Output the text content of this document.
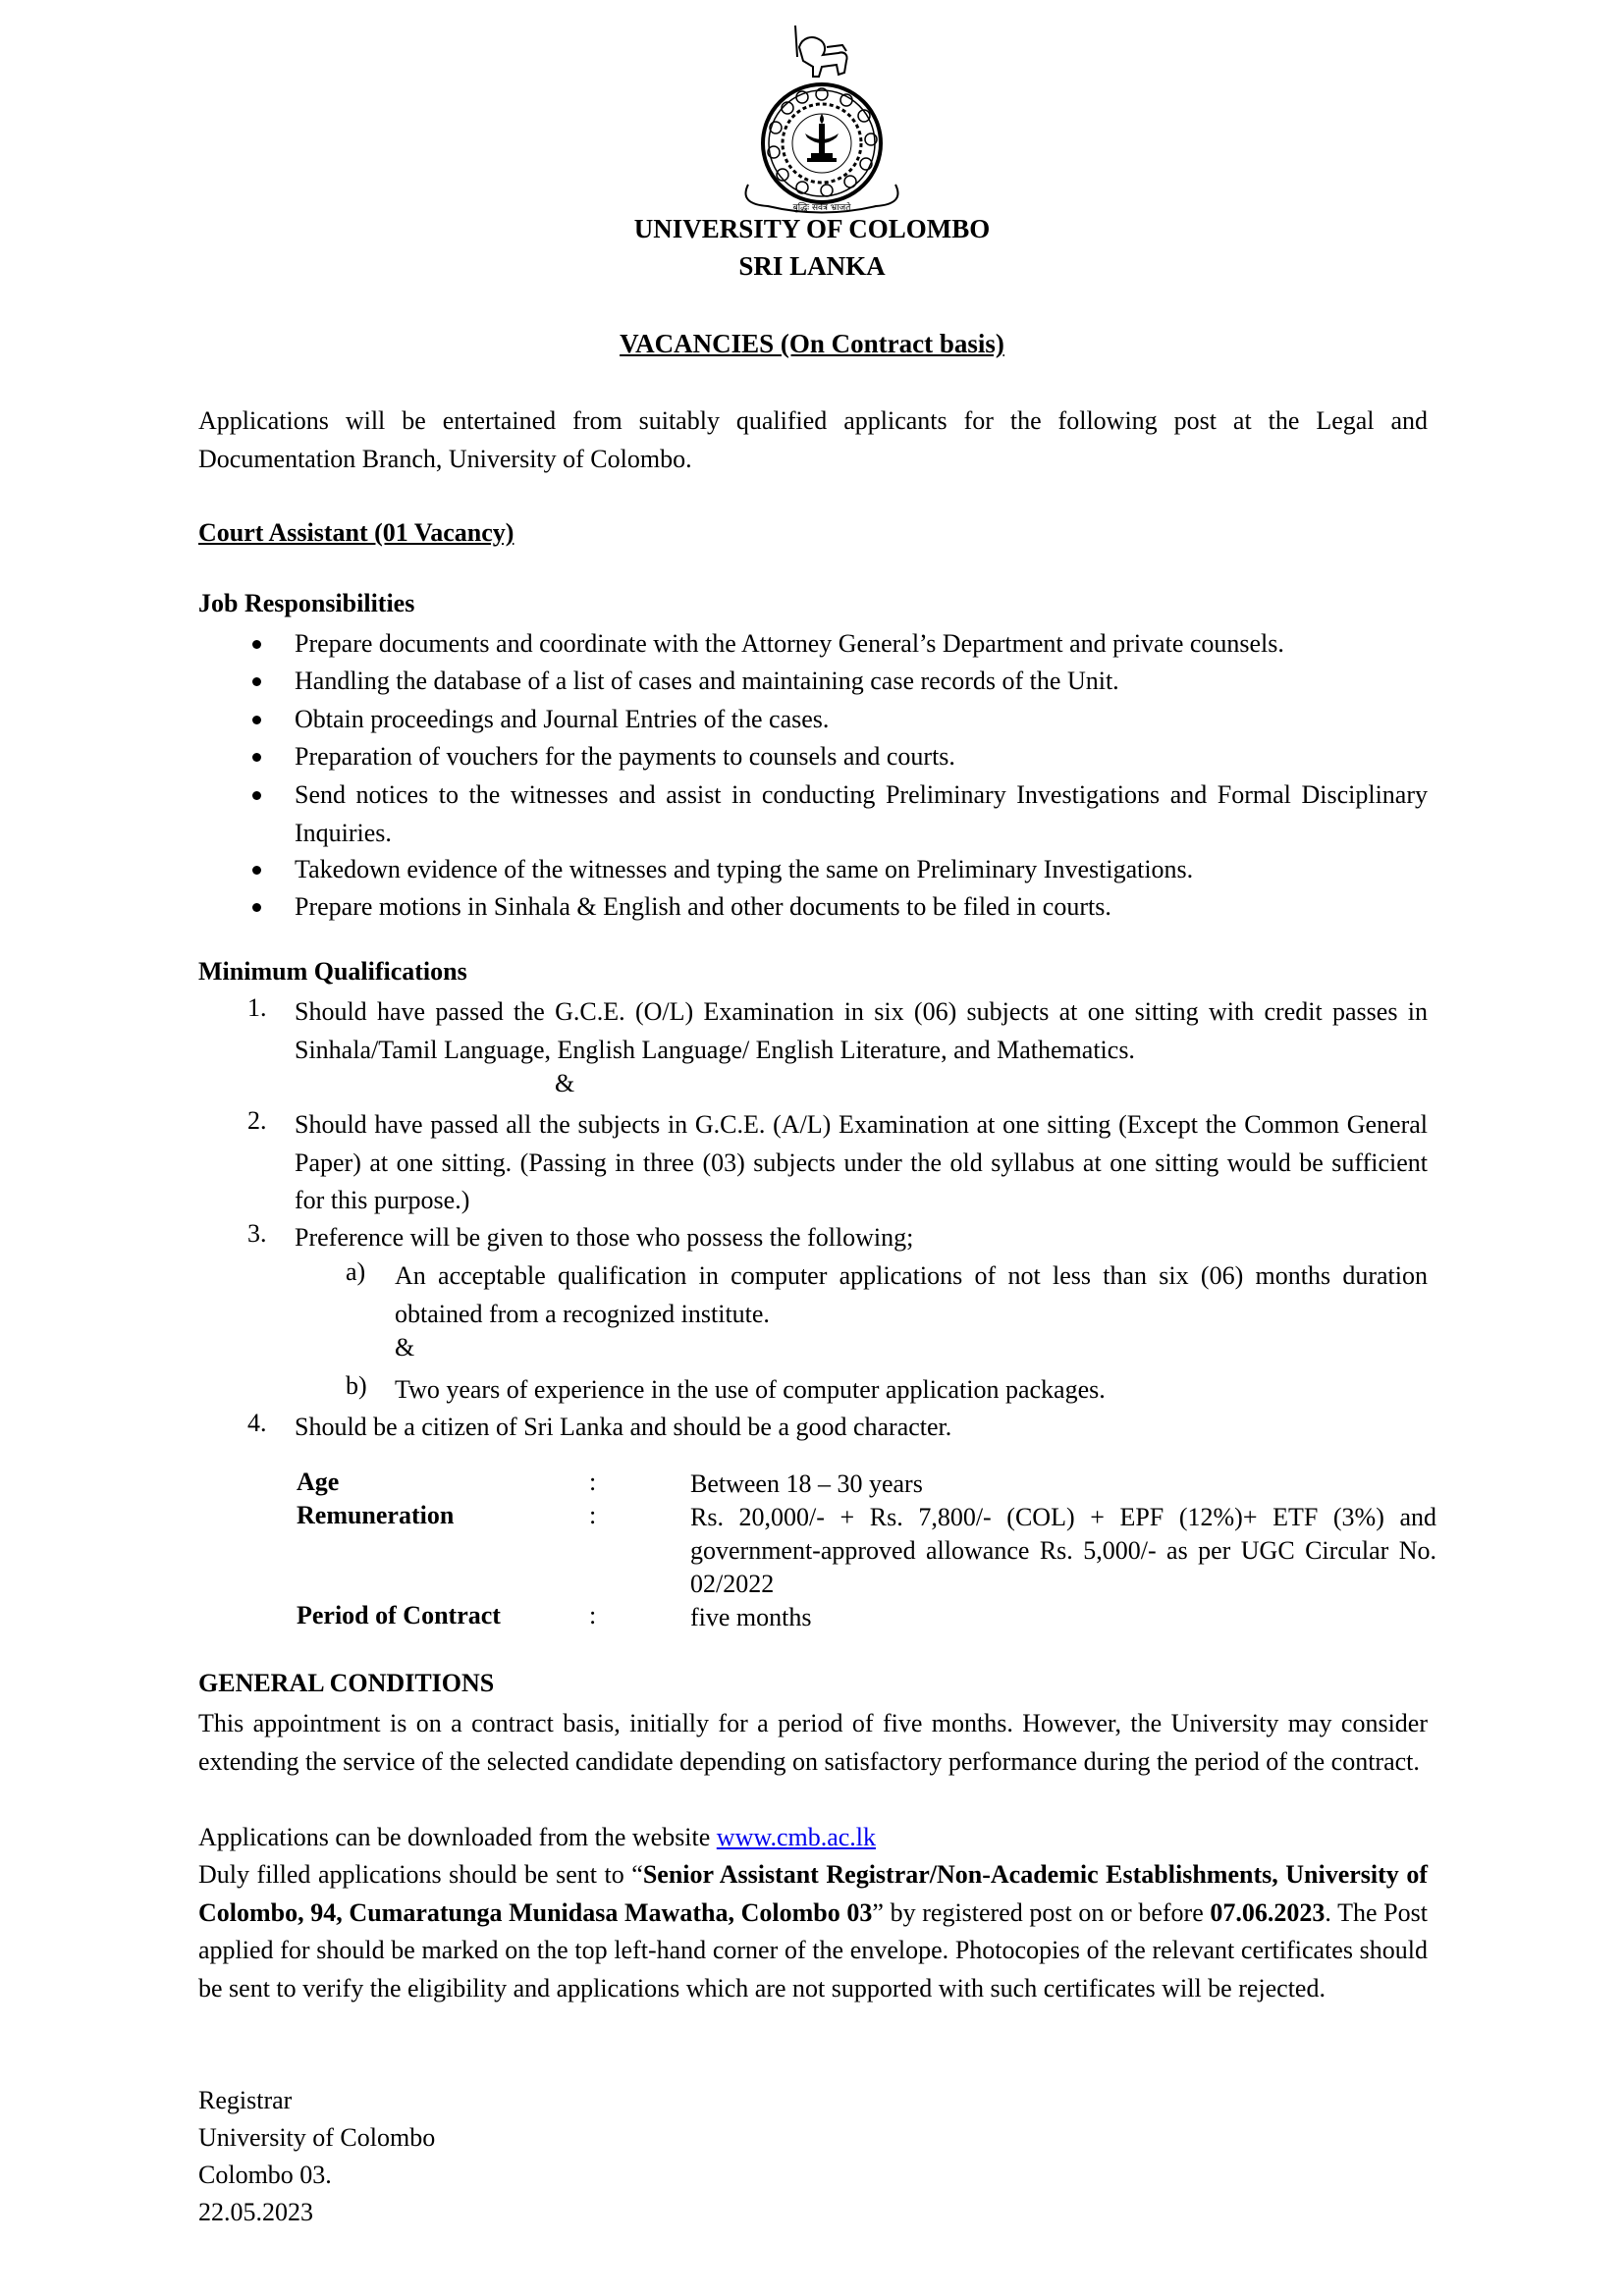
बुद्धिः सर्वत्र भ्राजते
UNIVERSITY OF COLOMBO
SRI LANKA
VACANCIES (On Contract basis)
Applications will be entertained from suitably qualified applicants for the following post at the Legal and Documentation Branch, University of Colombo.
Court Assistant (01 Vacancy)
Job Responsibilities
Prepare documents and coordinate with the Attorney General’s Department and private counsels.
Handling the database of a list of cases and maintaining case records of the Unit.
Obtain proceedings and Journal Entries of the cases.
Preparation of vouchers for the payments to counsels and courts.
Send notices to the witnesses and assist in conducting Preliminary Investigations and Formal Disciplinary Inquiries.
Takedown evidence of the witnesses and typing the same on Preliminary Investigations.
Prepare motions in Sinhala & English and other documents to be filed in courts.
Minimum Qualifications
1. Should have passed the G.C.E. (O/L) Examination in six (06) subjects at one sitting with credit passes in Sinhala/Tamil Language, English Language/ English Literature, and Mathematics.
&
2. Should have passed all the subjects in G.C.E. (A/L) Examination at one sitting (Except the Common General Paper) at one sitting. (Passing in three (03) subjects under the old syllabus at one sitting would be sufficient for this purpose.)
3. Preference will be given to those who possess the following;
a) An acceptable qualification in computer applications of not less than six (06) months duration obtained from a recognized institute.
&
b) Two years of experience in the use of computer application packages.
4. Should be a citizen of Sri Lanka and should be a good character.
Age	:	Between 18 – 30 years
Remuneration	:	Rs. 20,000/- + Rs. 7,800/- (COL) + EPF (12%)+ ETF (3%) and government-approved allowance Rs. 5,000/- as per UGC Circular No. 02/2022
Period of Contract	:	five months
GENERAL CONDITIONS
This appointment is on a contract basis, initially for a period of five months. However, the University may consider extending the service of the selected candidate depending on satisfactory performance during the period of the contract.
Applications can be downloaded from the website www.cmb.ac.lk
Duly filled applications should be sent to “Senior Assistant Registrar/Non-Academic Establishments, University of Colombo, 94, Cumaratunga Munidasa Mawatha, Colombo 03” by registered post on or before 07.06.2023. The Post applied for should be marked on the top left-hand corner of the envelope. Photocopies of the relevant certificates should be sent to verify the eligibility and applications which are not supported with such certificates will be rejected.
Registrar
University of Colombo
Colombo 03.
22.05.2023
